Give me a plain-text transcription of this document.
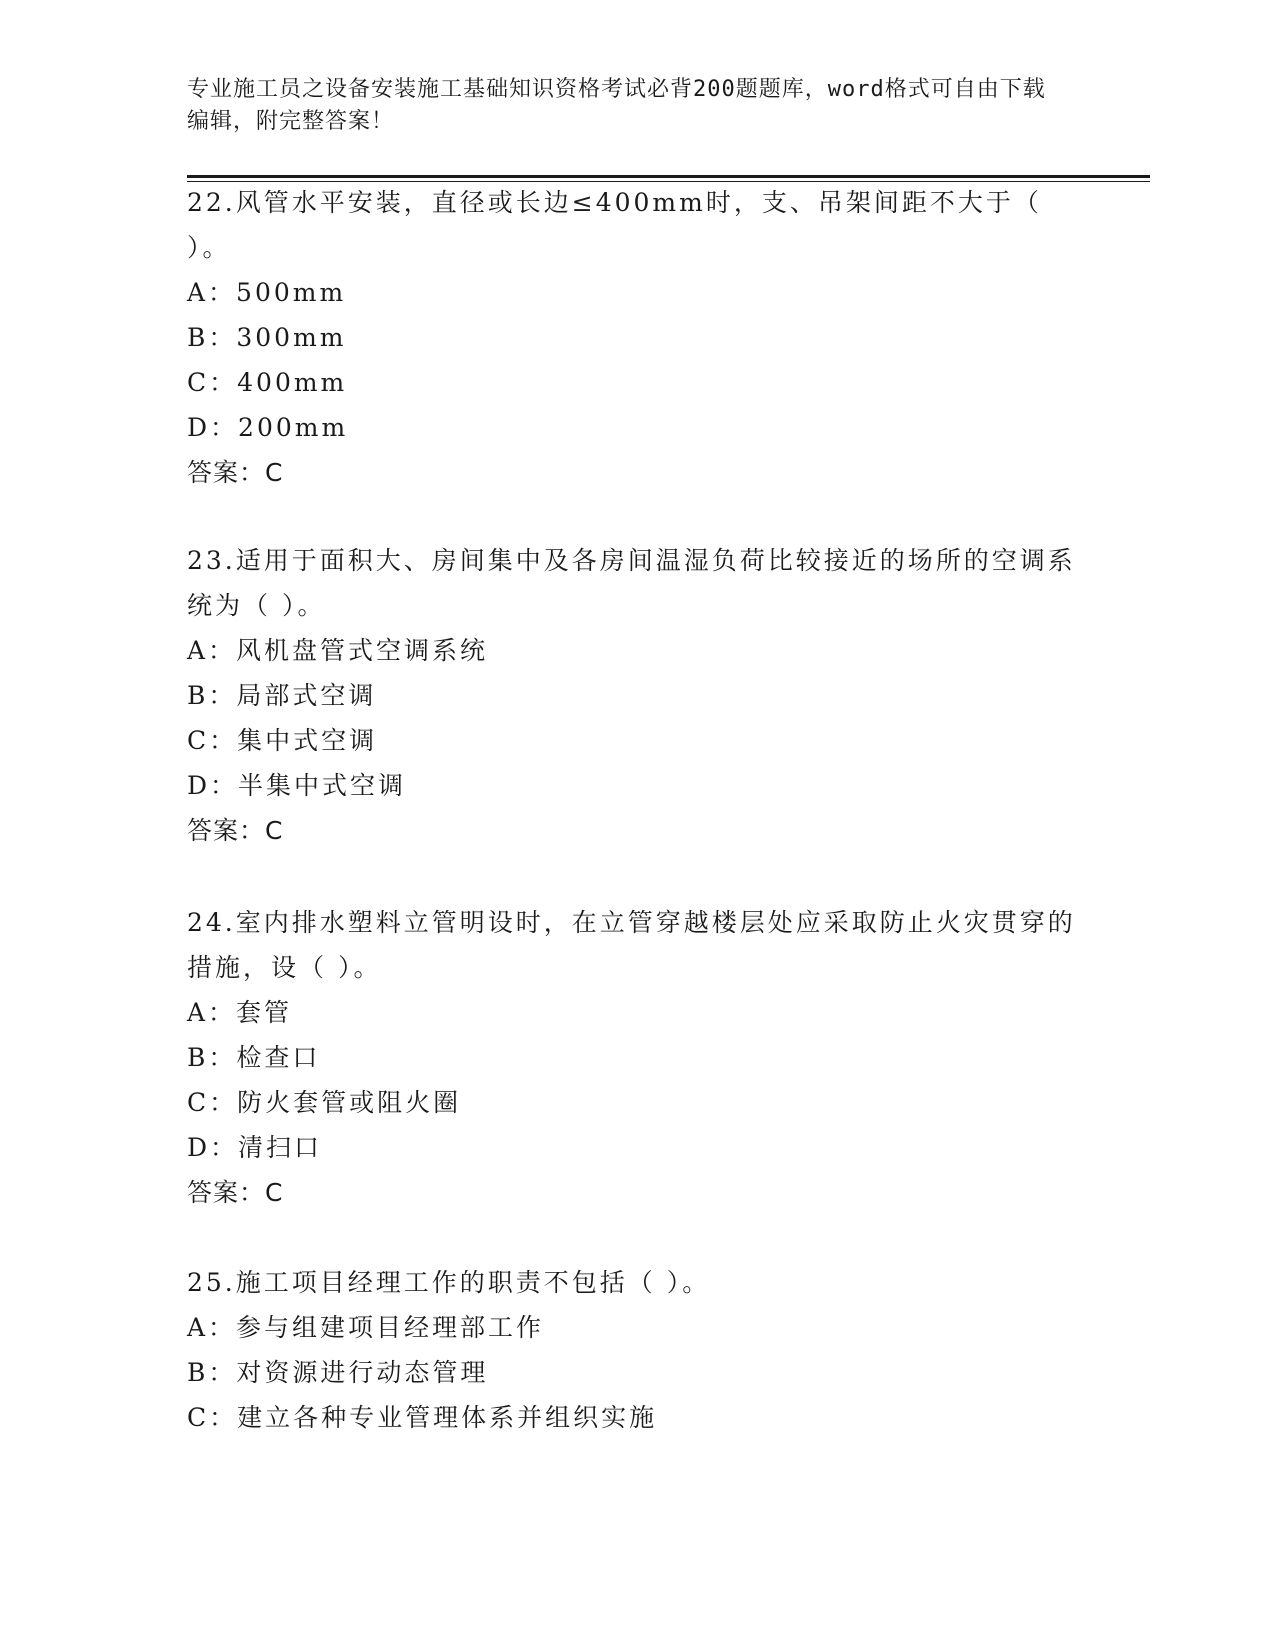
专业施工员之设备安装施工基础知识资格考试必背200题题库，word格式可自由下载编辑，附完整答案！

22.风管水平安装，直径或长边≤400mm时，支、吊架间距不大于（ ）。

A：500mm

B：300mm

C：400mm

D：200mm

答案：C

23.适用于面积大、房间集中及各房间温湿负荷比较接近的场所的空调系统为（ ）。

A：风机盘管式空调系统

B：局部式空调

C：集中式空调

D：半集中式空调

答案：C

24.室内排水塑料立管明设时，在立管穿越楼层处应采取防止火灾贯穿的措施，设（ ）。

A：套管

B：检查口

C：防火套管或阻火圈

D：清扫口

答案：C

25.施工项目经理工作的职责不包括（ ）。

A：参与组建项目经理部工作

B：对资源进行动态管理

C：建立各种专业管理体系并组织实施
